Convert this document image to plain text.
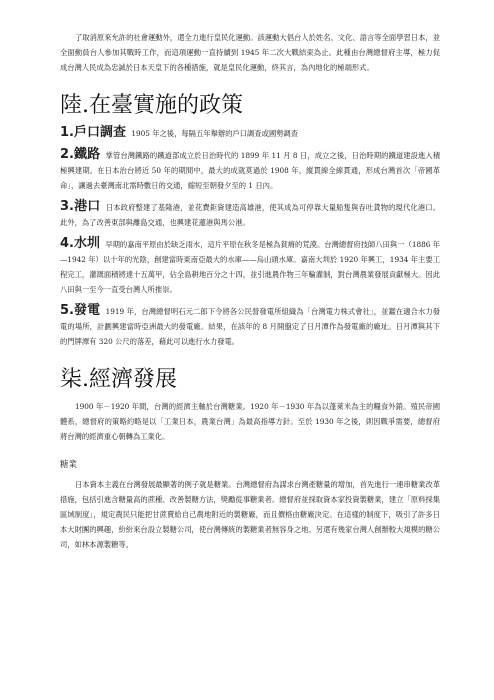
了取消原來允許的社會運動外，還全力進行皇民化運動。該運動大倡台人於姓名、文化、語言等全面學習日本，並全面動員台人參加其戰時工作，而這項運動一直持續到 1945 年二次大戰結束為止。此種由台灣總督府主導，極力促成台灣人民成為忠誠於日本天皇下的各種措施，就是皇民化運動，終其言，為內地化的極端形式。

陸.在臺實施的政策

1.戶口調查 1905 年之後，每隔五年舉辦的戶口調查或國勢調查

2.鐵路 掌管台灣鐵路的鐵道部成立於日治時代的 1899 年 11 月 8 日，成立之後，日治時期的鐵道建設進入積極興建期。在日本治台將近 50 年的期間中，最大的成就莫過於 1908 年，縱貫線全線貫通，形成台灣首次「帝國革命」，讓過去臺灣南北需時數日的交通，縮短至朝發夕至的 1 日內。

3.港口 日本政府整建了基隆港，並花費鉅資建造高雄港，使其成為可停靠大量船隻與吞吐貨物的現代化港口。此外，為了改善東部與離島交通，也興建花蓮港與馬公港。

4.水圳 早期的嘉南平原由於缺乏雨水，這片平原在秋冬是極為貧瘠的荒漠。台灣總督府技師八田與一（1886 年—1942 年）以十年的光陰，創建當時東南亞最大的水庫——烏山頭水庫。嘉南大圳於 1920 年興工，1934 年主要工程完工，灌溉面積將達十五萬甲，佔全島耕地百分之十四，並引進農作物三年輪灌制，對台灣農業發展貢獻極大。因此八田與一至今一直受台灣人所推崇。

5.發電 1919 年，台灣總督明石元二郎下令將各公民營發電所組織為「台灣電力株式會社」，並鑑在適合水力發電的場所，計劃興建當時亞洲最大的發電廠。結果，在該年的 8 月開盤定了日月潭作為發電廠的廠址。日月潭與其下的門牌潭有 320 公尺的落差，藉此可以進行水力發電。

柒.經濟發展

1900 年－1920 年間，台灣的經濟主軸於台灣糖業。1920 年－1930 年為以蓬萊米為主的糧食外銷。殖民帝國體系，總督府的策略約略是以「工業日本，農業台灣」為最高指導方針。至於 1930 年之後，則因戰爭需要，總督府將台灣的經濟重心朝轉為工業化。

糖業

日本資本主義在台灣發展最顯著的例子就是糖業。台灣總督府為謀求台灣產糖量的增加，首先進行一連串糖業改革措施，包括引進含糖量高的蔗種、改善製糖方法，獎勵從事糖業者。總督府並採取資本家投資製糖業，建立「原料採集區域制度」，規定農民只能把甘蔗賣給自己農地附近的製糖廠，而且價格由糖廠決定。在這樣的制度下，吸引了許多日本大財團的興趣，紛紛來台設立製糖公司，使台灣傳統的製糖業者無容身之地。另還有幾家台灣人創辦較大規模的糖公司，如林本源製糖等。
